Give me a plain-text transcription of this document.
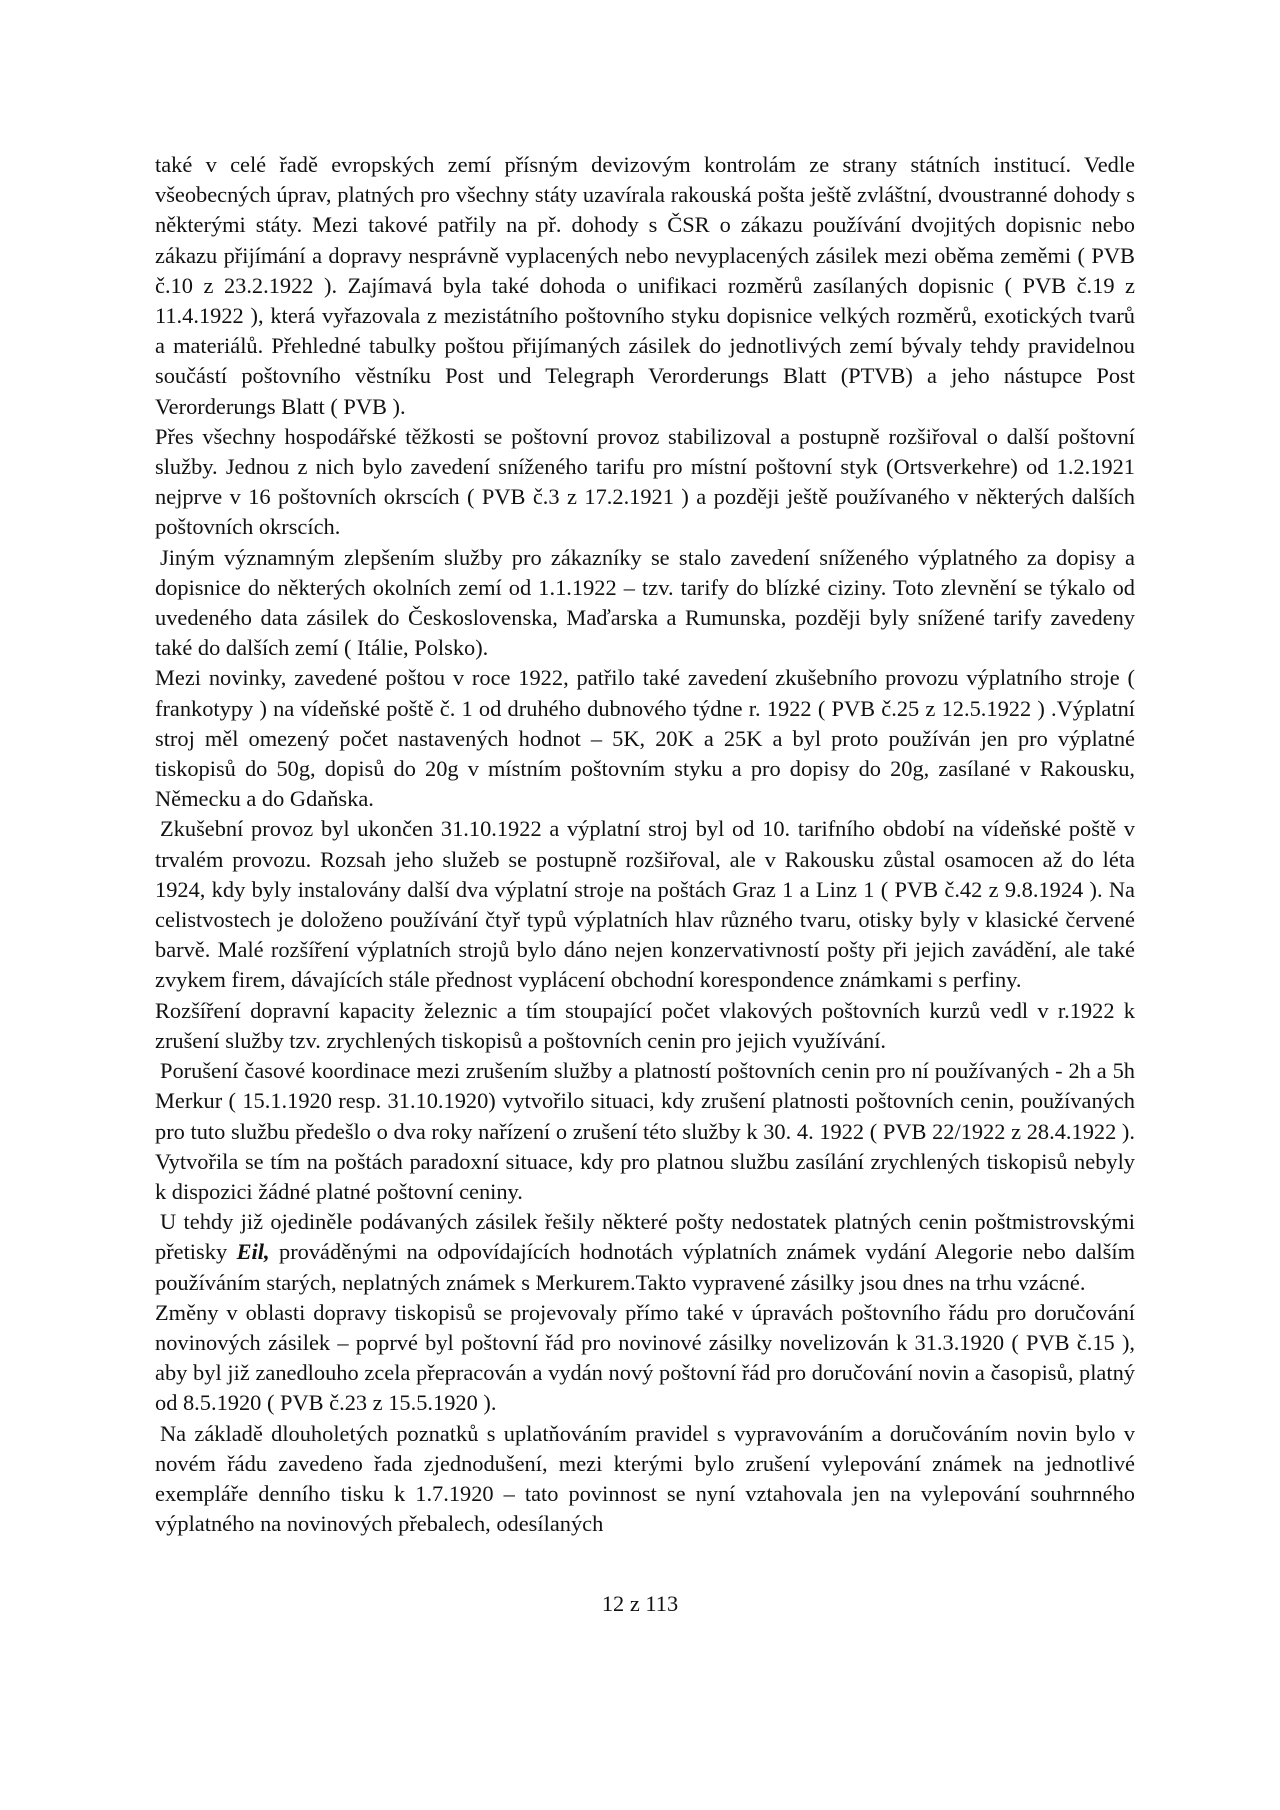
také v celé řadě evropských zemí přísným devizovým kontrolám ze strany státních institucí. Vedle všeobecných úprav, platných pro všechny státy uzavírala rakouská pošta ještě zvláštní, dvoustranné dohody s některými státy. Mezi takové patřily na př. dohody s ČSR o zákazu používání dvojitých dopisnic nebo zákazu přijímání a dopravy nesprávně vyplacených nebo nevyplacených zásilek mezi oběma zeměmi ( PVB č.10 z 23.2.1922 ). Zajímavá byla také dohoda o unifikaci rozměrů zasílaných dopisnic ( PVB č.19 z 11.4.1922 ), která vyřazovala z mezistátního poštovního styku dopisnice velkých rozměrů, exotických tvarů a materiálů. Přehledné tabulky poštou přijímaných zásilek do jednotlivých zemí bývaly tehdy pravidelnou součástí poštovního věstníku Post und Telegraph Verorderungs Blatt (PTVB) a jeho nástupce Post Verorderungs Blatt ( PVB ).

Přes všechny hospodářské těžkosti se poštovní provoz stabilizoval a postupně rozšiřoval o další poštovní služby. Jednou z nich bylo zavedení sníženého tarifu pro místní poštovní styk (Ortsverkehre) od 1.2.1921 nejprve v 16 poštovních okrscích ( PVB č.3 z 17.2.1921 ) a později ještě používaného v některých dalších poštovních okrscích.

Jiným významným zlepšením služby pro zákazníky se stalo zavedení sníženého výplatného za dopisy a dopisnice do některých okolních zemí od 1.1.1922 – tzv. tarify do blízké ciziny. Toto zlevnění se týkalo od uvedeného data zásilek do Československa, Maďarska a Rumunska, později byly snížené tarify zavedeny také do dalších zemí ( Itálie, Polsko).

Mezi novinky, zavedené poštou v roce 1922, patřilo také zavedení zkušebního provozu výplatního stroje ( frankotypy ) na vídeňské poště č. 1 od druhého dubnového týdne r. 1922 ( PVB č.25 z 12.5.1922 ) .Výplatní stroj měl omezený počet nastavených hodnot – 5K, 20K a 25K a byl proto používán jen pro výplatné tiskopisů do 50g, dopisů do 20g v místním poštovním styku a pro dopisy do 20g, zasílané v Rakousku, Německu a do Gdaňska.

Zkušební provoz byl ukončen 31.10.1922 a výplatní stroj byl od 10. tarifního období na vídeňské poště v trvalém provozu. Rozsah jeho služeb se postupně rozšiřoval, ale v Rakousku zůstal osamocen až do léta 1924, kdy byly instalovány další dva výplatní stroje na poštách Graz 1 a Linz 1 ( PVB č.42 z 9.8.1924 ). Na celistvostech je doloženo používání čtyř typů výplatních hlav různého tvaru, otisky byly v klasické červené barvě. Malé rozšíření výplatních strojů bylo dáno nejen konzervativností pošty při jejich zavádění, ale také zvykem firem, dávajících stále přednost vyplácení obchodní korespondence známkami s perfiny.

Rozšíření dopravní kapacity železnic a tím stoupající počet vlakových poštovních kurzů vedl v r.1922 k zrušení služby tzv. zrychlených tiskopisů a poštovních cenin pro jejich využívání.

Porušení časové koordinace mezi zrušením služby a platností poštovních cenin pro ní používaných - 2h a 5h Merkur ( 15.1.1920 resp. 31.10.1920) vytvořilo situaci, kdy zrušení platnosti poštovních cenin, používaných pro tuto službu předešlo o dva roky nařízení o zrušení této služby k 30. 4. 1922 ( PVB 22/1922 z 28.4.1922 ). Vytvořila se tím na poštách paradoxní situace, kdy pro platnou službu zasílání zrychlených tiskopisů nebyly k dispozici žádné platné poštovní ceniny.

U tehdy již ojediněle podávaných zásilek řešily některé pošty nedostatek platných cenin poštmistrovskými přetisky Eil, prováděnými na odpovídajících hodnotách výplatních známek vydání Alegorie nebo dalším používáním starých, neplatných známek s Merkurem.Takto vypravené zásilky jsou dnes na trhu vzácné.

Změny v oblasti dopravy tiskopisů se projevovaly přímo také v úpravách poštovního řádu pro doručování novinových zásilek – poprvé byl poštovní řád pro novinové zásilky novelizován k 31.3.1920 ( PVB č.15 ), aby byl již zanedlouho zcela přepracován a vydán nový poštovní řád pro doručování novin a časopisů, platný od 8.5.1920 ( PVB č.23 z 15.5.1920 ).

Na základě dlouholetých poznatků s uplatňováním pravidel s vypravováním a doručováním novin bylo v novém řádu zavedeno řada zjednodušení, mezi kterými bylo zrušení vylepování známek na jednotlivé exempláře denního tisku k 1.7.1920 – tato povinnost se nyní vztahovala jen na vylepování souhrnného výplatného na novinových přebalech, odesílaných

12 z 113
